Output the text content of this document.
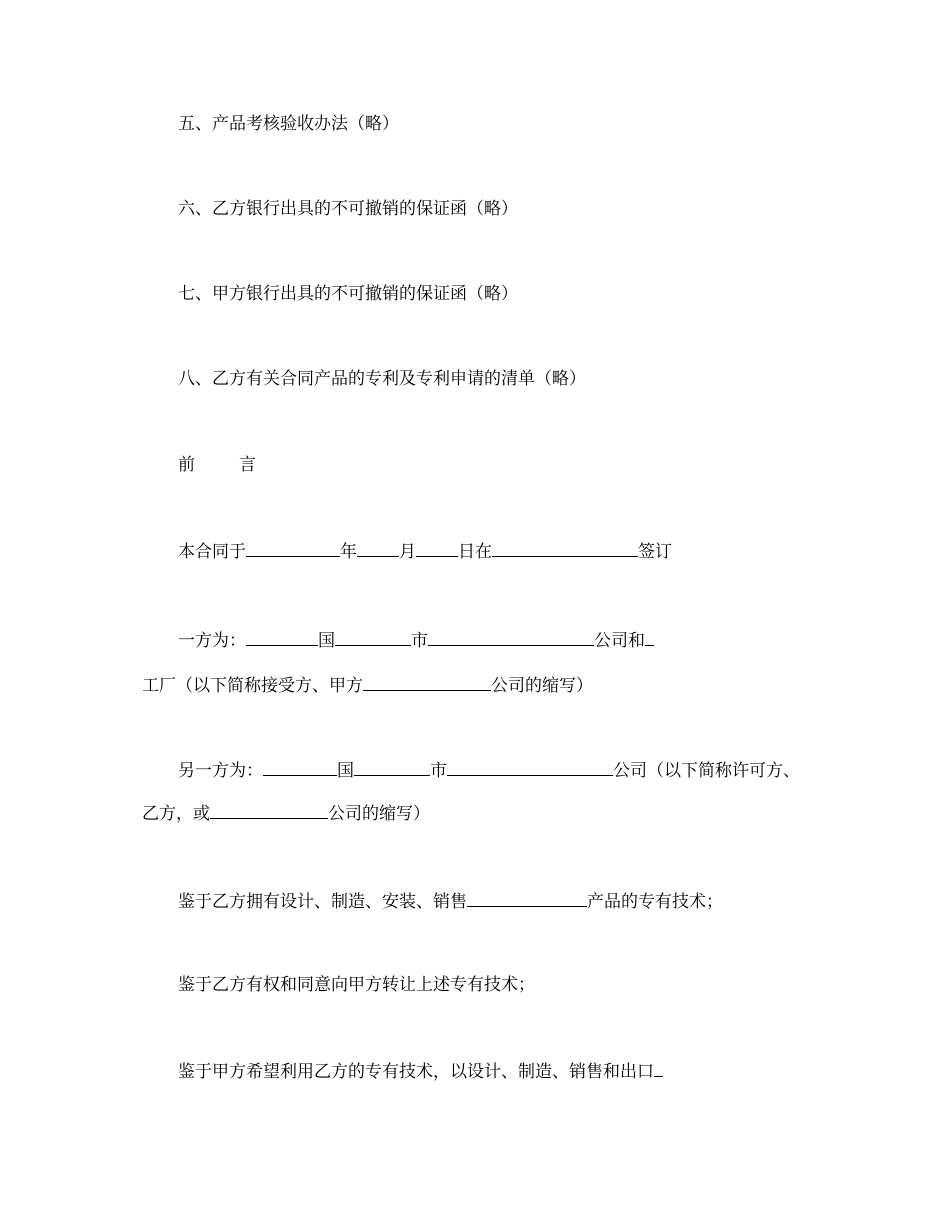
五、产品考核验收办法（略）
六、乙方银行出具的不可撤销的保证函（略）
七、甲方银行出具的不可撤销的保证函（略）
八、乙方有关合同产品的专利及专利申请的清单（略）
前	言
本合同于	年 月 日在	签订
一方为：	国	市	公司和
工厂（以下简称接受方、甲方	公司的缩写）
另一方为：	国	市	公司（以下简称许可方、
乙方，或	公司的缩写）
鉴于乙方拥有设计、制造、安装、销售	产品的专有技术；
鉴于乙方有权和同意向甲方转让上述专有技术；
鉴于甲方希望利用乙方的专有技术，以设计、制造、销售和出口
